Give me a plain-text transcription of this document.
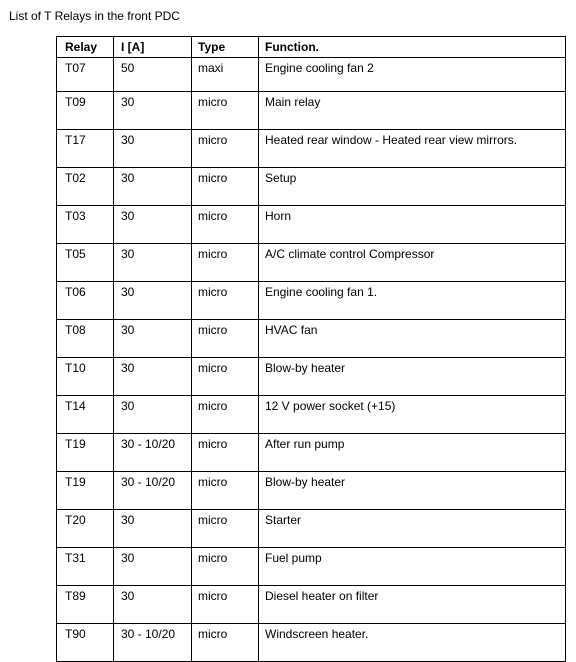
List of T Relays in the front PDC
Relay	I [A]	Type	Function.
T07	50	maxi	Engine cooling fan 2
T09	30	micro	Main relay
T17	30	micro	Heated rear window - Heated rear view mirrors.
T02	30	micro	Setup
T03	30	micro	Horn
T05	30	micro	A/C climate control Compressor
T06	30	micro	Engine cooling fan 1.
T08	30	micro	HVAC fan
T10	30	micro	Blow-by heater
T14	30	micro	12 V power socket (+15)
T19	30 - 10/20	micro	After run pump
T19	30 - 10/20	micro	Blow-by heater
T20	30	micro	Starter
T31	30	micro	Fuel pump
T89	30	micro	Diesel heater on filter
T90	30 - 10/20	micro	Windscreen heater.
